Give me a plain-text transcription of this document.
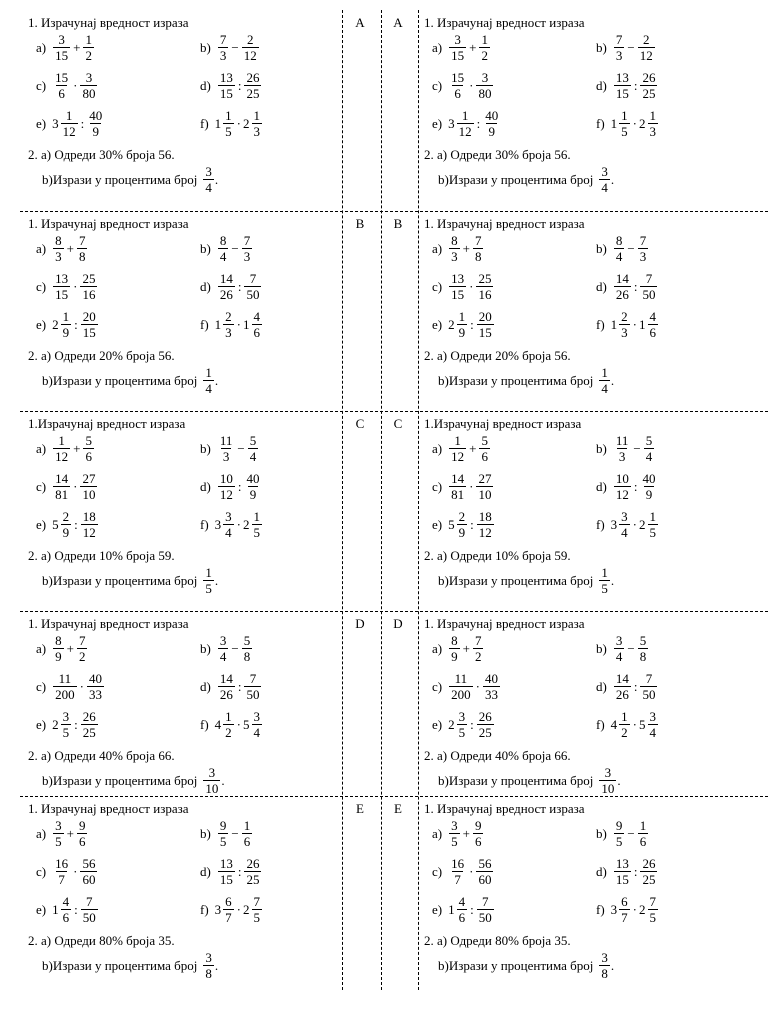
A
1. Израчунај вредност израза
$a) \frac{3}{15} + \frac{1}{2}$	$b) \frac{7}{3} - \frac{2}{12}$
$c) \frac{15}{6} \cdot \frac{3}{80}$	$d) \frac{13}{15}$ : $\frac{26}{25}$
e) $3 \frac{1}{12}$ : $\frac{40}{9}$	f) $1 \frac{1}{5} \cdot 2 \frac{1}{3}$
2. a) Одреди 30% броја 56.
b)Изрази у процентима број $\frac{3}{4}$ .
A	1. Израчунај вредност израза
$a) \frac{3}{15} + \frac{1}{2}$	$b) \frac{7}{3} - \frac{2}{12}$
$c) \frac{15}{6} \cdot \frac{3}{80}$	$d) \frac{13}{15}$ : $\frac{26}{25}$
e) $3 \frac{1}{12}$ : $\frac{40}{9}$	f) $1 \frac{1}{5} \cdot 2 \frac{1}{3}$
2. a) Одреди 30% броја 56.
b)Изрази у процентима број $\frac{3}{4}$ .
B
1. Израчунај вредност израза
$a) \frac{8}{3} + \frac{7}{8}$	$b) \frac{8}{4} - \frac{7}{3}$
$c) \frac{13}{15} \cdot \frac{25}{16}$	$d) \frac{14}{26}$ : $\frac{7}{50}$
e) $2 \frac{1}{9}$ : $\frac{20}{15}$	f) $1 \frac{2}{3} \cdot 1 \frac{4}{6}$
2. a) Одреди 20% броја 56.
b)Изрази у процентима број $\frac{1}{4}$ .
B	1. Израчунај вредност израза
$a) \frac{8}{3} + \frac{7}{8}$	$b) \frac{8}{4} - \frac{7}{3}$
$c) \frac{13}{15} \cdot \frac{25}{16}$	$d) \frac{14}{26}$ : $\frac{7}{50}$
e) $2 \frac{1}{9}$ : $\frac{20}{15}$	f) $1 \frac{2}{3} \cdot 1 \frac{4}{6}$
2. a) Одреди 20% броја 56.
b)Изрази у процентима број $\frac{1}{4}$ .
C
1.Израчунај вредност израза
$a) \frac{1}{12} + \frac{5}{6}$	$b) \frac{11}{3} - \frac{5}{4}$
$c) \frac{14}{81} \cdot \frac{27}{10}$	$d) \frac{10}{12}$ : $\frac{40}{9}$
e) $5 \frac{2}{9}$ : $\frac{18}{12}$	f) $3 \frac{3}{4} \cdot 2 \frac{1}{5}$
2. a) Одреди 10% броја 59.
b)Изрази у процентима број $\frac{1}{5}$ .
C	1.Израчунај вредност израза
$a) \frac{1}{12} + \frac{5}{6}$	$b) \frac{11}{3} - \frac{5}{4}$
$c) \frac{14}{81} \cdot \frac{27}{10}$	$d) \frac{10}{12}$ : $\frac{40}{9}$
e) $5 \frac{2}{9}$ : $\frac{18}{12}$	f) $3 \frac{3}{4} \cdot 2 \frac{1}{5}$
2. a) Одреди 10% броја 59.
b)Изрази у процентима број $\frac{1}{5}$ .
D
1. Израчунај вредност израза
$a) \frac{8}{9} + \frac{7}{2}$	$b) \frac{3}{4} - \frac{5}{8}$
$c) \frac{11}{200} \cdot \frac{40}{33}$	$d) \frac{14}{26}$ : $\frac{7}{50}$
e) $2 \frac{3}{5}$ : $\frac{26}{25}$	f) $4 \frac{1}{2} \cdot 5 \frac{3}{4}$
2. a) Одреди 40% броја 66.
b)Изрази у процентима број $\frac{3}{10}$ .
D	1. Израчунај вредност израза
$a) \frac{8}{9} + \frac{7}{2}$	$b) \frac{3}{4} - \frac{5}{8}$
$c) \frac{11}{200} \cdot \frac{40}{33}$	$d) \frac{14}{26}$ : $\frac{7}{50}$
e) $2 \frac{3}{5}$ : $\frac{26}{25}$	f) $4 \frac{1}{2} \cdot 5 \frac{3}{4}$
2. a) Одреди 40% броја 66.
b)Изрази у процентима број $\frac{3}{10}$ .
E
1. Израчунај вредност израза
$a) \frac{3}{5} + \frac{9}{6}$	$b) \frac{9}{5} - \frac{1}{6}$
$c) \frac{16}{7} \cdot \frac{56}{60}$	$d) \frac{13}{15}$ : $\frac{26}{25}$
e) $1 \frac{4}{6}$ : $\frac{7}{50}$	f) $3 \frac{6}{7} \cdot 2 \frac{7}{5}$
2. a) Одреди 80% броја 35.
b)Изрази у процентима број $\frac{3}{8}$ .
E	1. Израчунај вредност израза
$a) \frac{3}{5} + \frac{9}{6}$	$b) \frac{9}{5} - \frac{1}{6}$
$c) \frac{16}{7} \cdot \frac{56}{60}$	$d) \frac{13}{15}$ : $\frac{26}{25}$
e) $1 \frac{4}{6}$ : $\frac{7}{50}$	f) $3 \frac{6}{7} \cdot 2 \frac{7}{5}$
2. a) Одреди 80% броја 35.
b)Изрази у процентима број $\frac{3}{8}$ .
